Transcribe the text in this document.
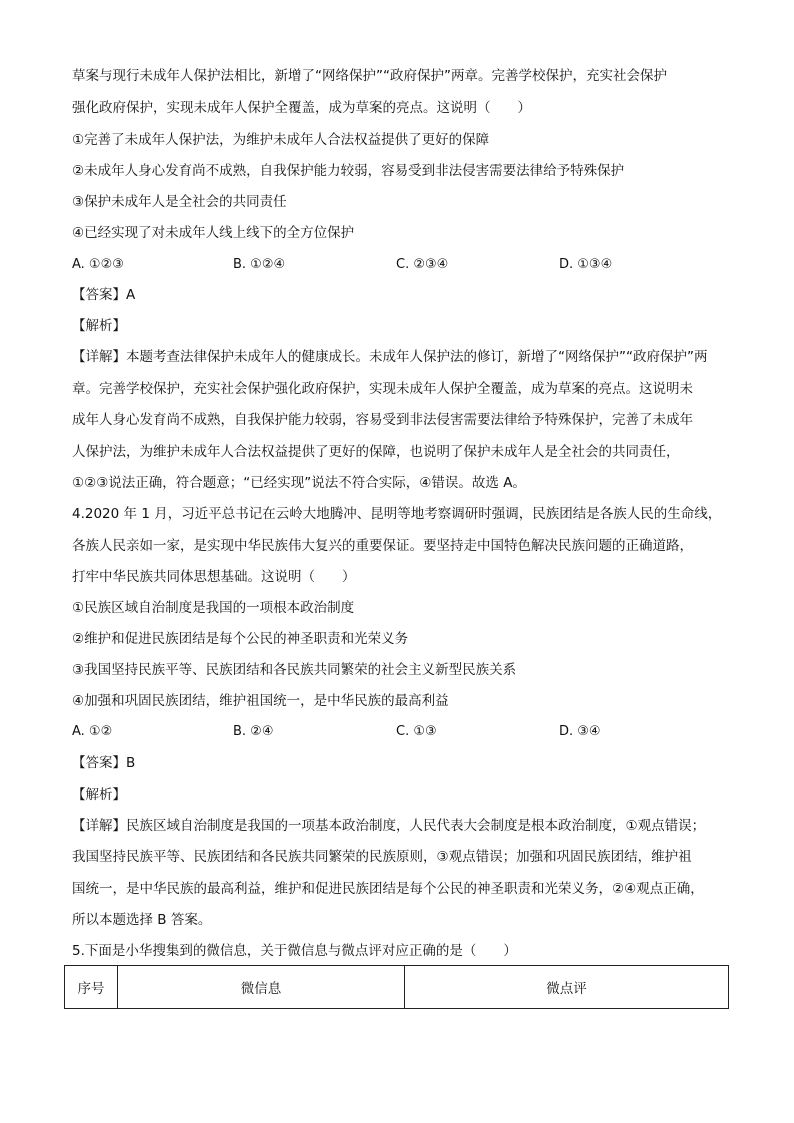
草案与现行未成年人保护法相比，新增了“网络保护”“政府保护”两章。完善学校保护，充实社会保护
强化政府保护，实现未成年人保护全覆盖，成为草案的亮点。这说明（　　）
①完善了未成年人保护法，为维护未成年人合法权益提供了更好的保障
②未成年人身心发育尚不成熟，自我保护能力较弱，容易受到非法侵害需要法律给予特殊保护
③保护未成年人是全社会的共同责任
④已经实现了对未成年人线上线下的全方位保护
A. ①②③	B. ①②④	C. ②③④	D. ①③④
【答案】A
【解析】
【详解】本题考查法律保护未成年人的健康成长。未成年人保护法的修订，新增了“网络保护”“政府保护”两
章。完善学校保护，充实社会保护强化政府保护，实现未成年人保护全覆盖，成为草案的亮点。这说明未
成年人身心发育尚不成熟，自我保护能力较弱，容易受到非法侵害需要法律给予特殊保护，完善了未成年
人保护法，为维护未成年人合法权益提供了更好的保障，也说明了保护未成年人是全社会的共同责任，
①②③说法正确，符合题意；“已经实现”说法不符合实际，④错误。故选 A。
4.2020 年 1 月，习近平总书记在云岭大地腾冲、昆明等地考察调研时强调，民族团结是各族人民的生命线，
各族人民亲如一家，是实现中华民族伟大复兴的重要保证。要坚持走中国特色解决民族问题的正确道路，
打牢中华民族共同体思想基础。这说明（　　）
①民族区域自治制度是我国的一项根本政治制度
②维护和促进民族团结是每个公民的神圣职责和光荣义务
③我国坚持民族平等、民族团结和各民族共同繁荣的社会主义新型民族关系
④加强和巩固民族团结，维护祖国统一，是中华民族的最高利益
A. ①②	B. ②④	C. ①③	D. ③④
【答案】B
【解析】
【详解】民族区域自治制度是我国的一项基本政治制度，人民代表大会制度是根本政治制度，①观点错误；
我国坚持民族平等、民族团结和各民族共同繁荣的民族原则，③观点错误；加强和巩固民族团结，维护祖
国统一，是中华民族的最高利益，维护和促进民族团结是每个公民的神圣职责和光荣义务，②④观点正确，
所以本题选择 B 答案。
5.下面是小华搜集到的微信息，关于微信息与微点评对应正确的是（　　）
序号	微信息	微点评
